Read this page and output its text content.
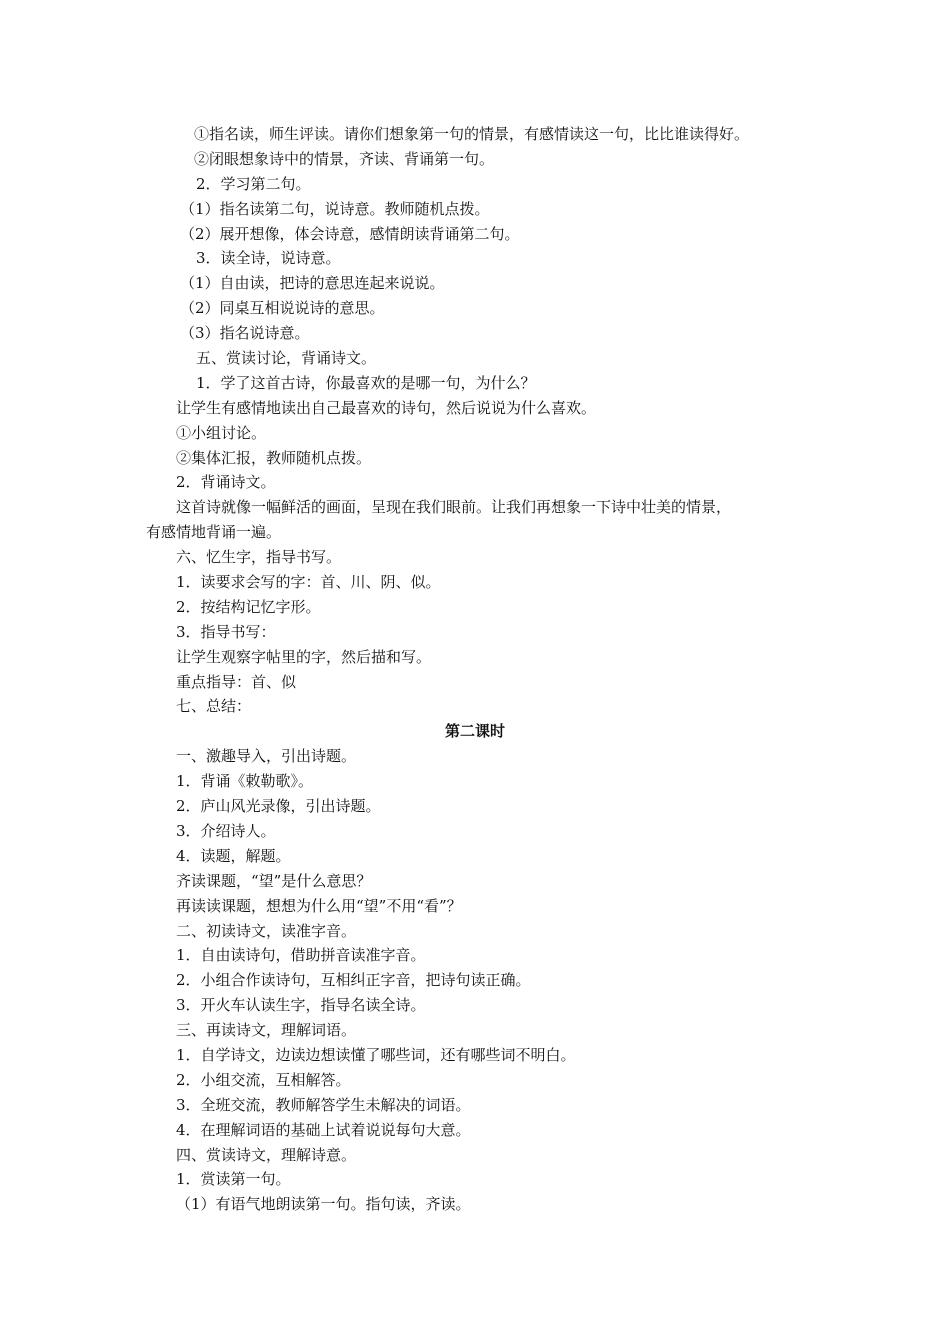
①指名读，师生评读。请你们想象第一句的情景，有感情读这一句，比比谁读得好。
②闭眼想象诗中的情景，齐读、背诵第一句。
2．学习第二句。
（1）指名读第二句，说诗意。教师随机点拨。
（2）展开想像，体会诗意，感情朗读背诵第二句。
3．读全诗，说诗意。
（1）自由读，把诗的意思连起来说说。
（2）同桌互相说说诗的意思。
（3）指名说诗意。
五、赏读讨论，背诵诗文。
1．学了这首古诗，你最喜欢的是哪一句，为什么？
让学生有感情地读出自己最喜欢的诗句，然后说说为什么喜欢。
①小组讨论。
②集体汇报，教师随机点拨。
2．背诵诗文。
这首诗就像一幅鲜活的画面，呈现在我们眼前。让我们再想象一下诗中壮美的情景，
有感情地背诵一遍。
六、忆生字，指导书写。
1．读要求会写的字：首、川、阴、似。
2．按结构记忆字形。
3．指导书写：
让学生观察字帖里的字，然后描和写。
重点指导：首、似
七、总结：
第二课时
一、激趣导入，引出诗题。
1．背诵《敕勒歌》。
2．庐山风光录像，引出诗题。
3．介绍诗人。
4．读题，解题。
齐读课题，“望”是什么意思？
再读读课题，想想为什么用“望”不用“看”？
二、初读诗文，读准字音。
1．自由读诗句，借助拼音读准字音。
2．小组合作读诗句，互相纠正字音，把诗句读正确。
3．开火车认读生字，指导名读全诗。
三、再读诗文，理解词语。
1．自学诗文，边读边想读懂了哪些词，还有哪些词不明白。
2．小组交流，互相解答。
3．全班交流，教师解答学生未解决的词语。
4．在理解词语的基础上试着说说每句大意。
四、赏读诗文，理解诗意。
1．赏读第一句。
（1）有语气地朗读第一句。指句读，齐读。
